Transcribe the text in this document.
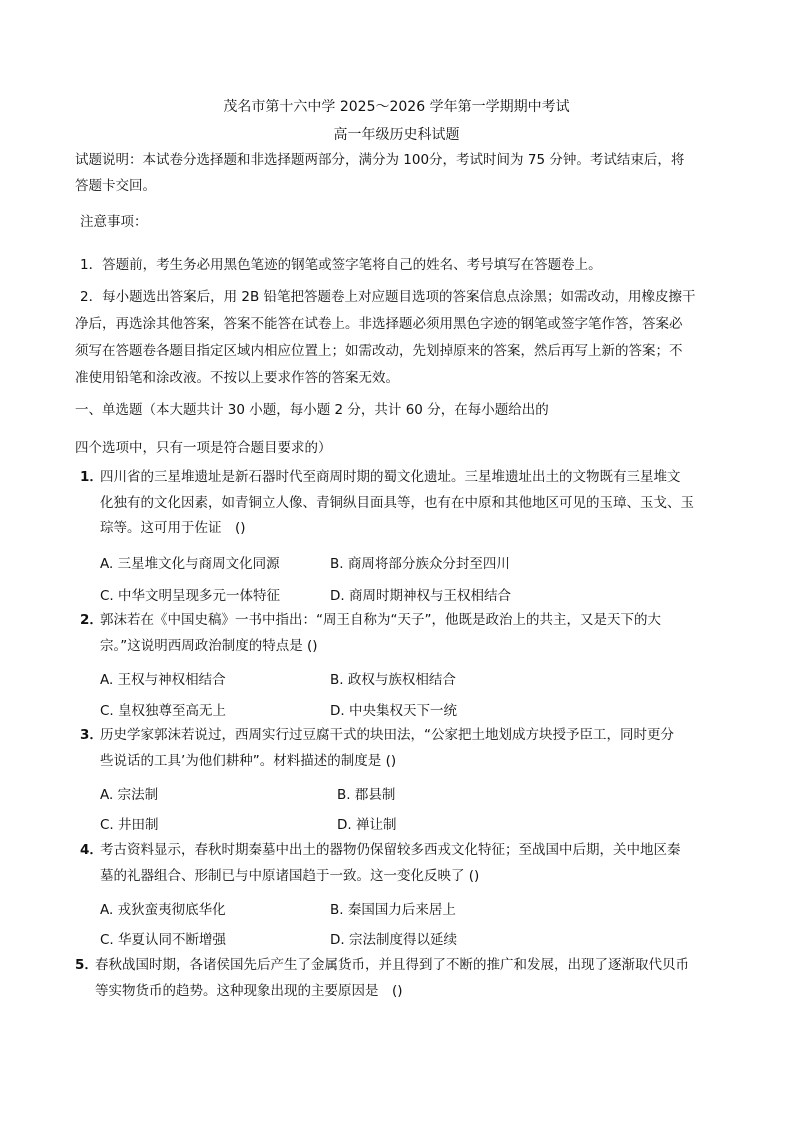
茂名市第十六中学 2025～2026 学年第一学期期中考试
高一年级历史科试题
试题说明：本试卷分选择题和非选择题两部分，满分为 100分，考试时间为 75 分钟。考试结束后，将
答题卡交回。
注意事项：
1．答题前，考生务必用黑色笔迹的钢笔或签字笔将自己的姓名、考号填写在答题卷上。
2．每小题选出答案后，用 2B 铅笔把答题卷上对应题目选项的答案信息点涂黑；如需改动，用橡皮擦干
净后，再选涂其他答案，答案不能答在试卷上。非选择题必须用黑色字迹的钢笔或签字笔作答，答案必
须写在答题卷各题目指定区域内相应位置上；如需改动，先划掉原来的答案，然后再写上新的答案；不
准使用铅笔和涂改液。不按以上要求作答的答案无效。
一、单选题（本大题共计 30 小题，每小题 2 分，共计 60 分，在每小题给出的
四个选项中，只有一项是符合题目要求的）
1．
四川省的三星堆遗址是新石器时代至商周时期的蜀文化遗址。三星堆遗址出土的文物既有三星堆文
化独有的文化因素，如青铜立人像、青铜纵目面具等，也有在中原和其他地区可见的玉璋、玉戈、玉
琮等。这可用于佐证　()
A. 三星堆文化与商周文化同源	B. 商周将部分族众分封至四川
C. 中华文明呈现多元一体特征	D. 商周时期神权与王权相结合
2．
郭沫若在《中国史稿》一书中指出：“周王自称为“天子”，他既是政治上的共主，又是天下的大
宗。”这说明西周政治制度的特点是 ()
A. 王权与神权相结合	B. 政权与族权相结合
C. 皇权独尊至高无上	D. 中央集权天下一统
3．
历史学家郭沫若说过，西周实行过豆腐干式的块田法，“公家把土地划成方块授予臣工，同时更分
些说话的工具’为他们耕种”。材料描述的制度是 ()
A. 宗法制	B. 郡县制
C. 井田制	D. 禅让制
4．
考古资料显示，春秋时期秦墓中出土的器物仍保留较多西戎文化特征；至战国中后期，关中地区秦
墓的礼器组合、形制已与中原诸国趋于一致。这一变化反映了 ()
A. 戎狄蛮夷彻底华化	B. 秦国国力后来居上
C. 华夏认同不断增强	D. 宗法制度得以延续
5．
春秋战国时期，各诸侯国先后产生了金属货币，并且得到了不断的推广和发展，出现了逐渐取代贝币
等实物货币的趋势。这种现象出现的主要原因是　()
